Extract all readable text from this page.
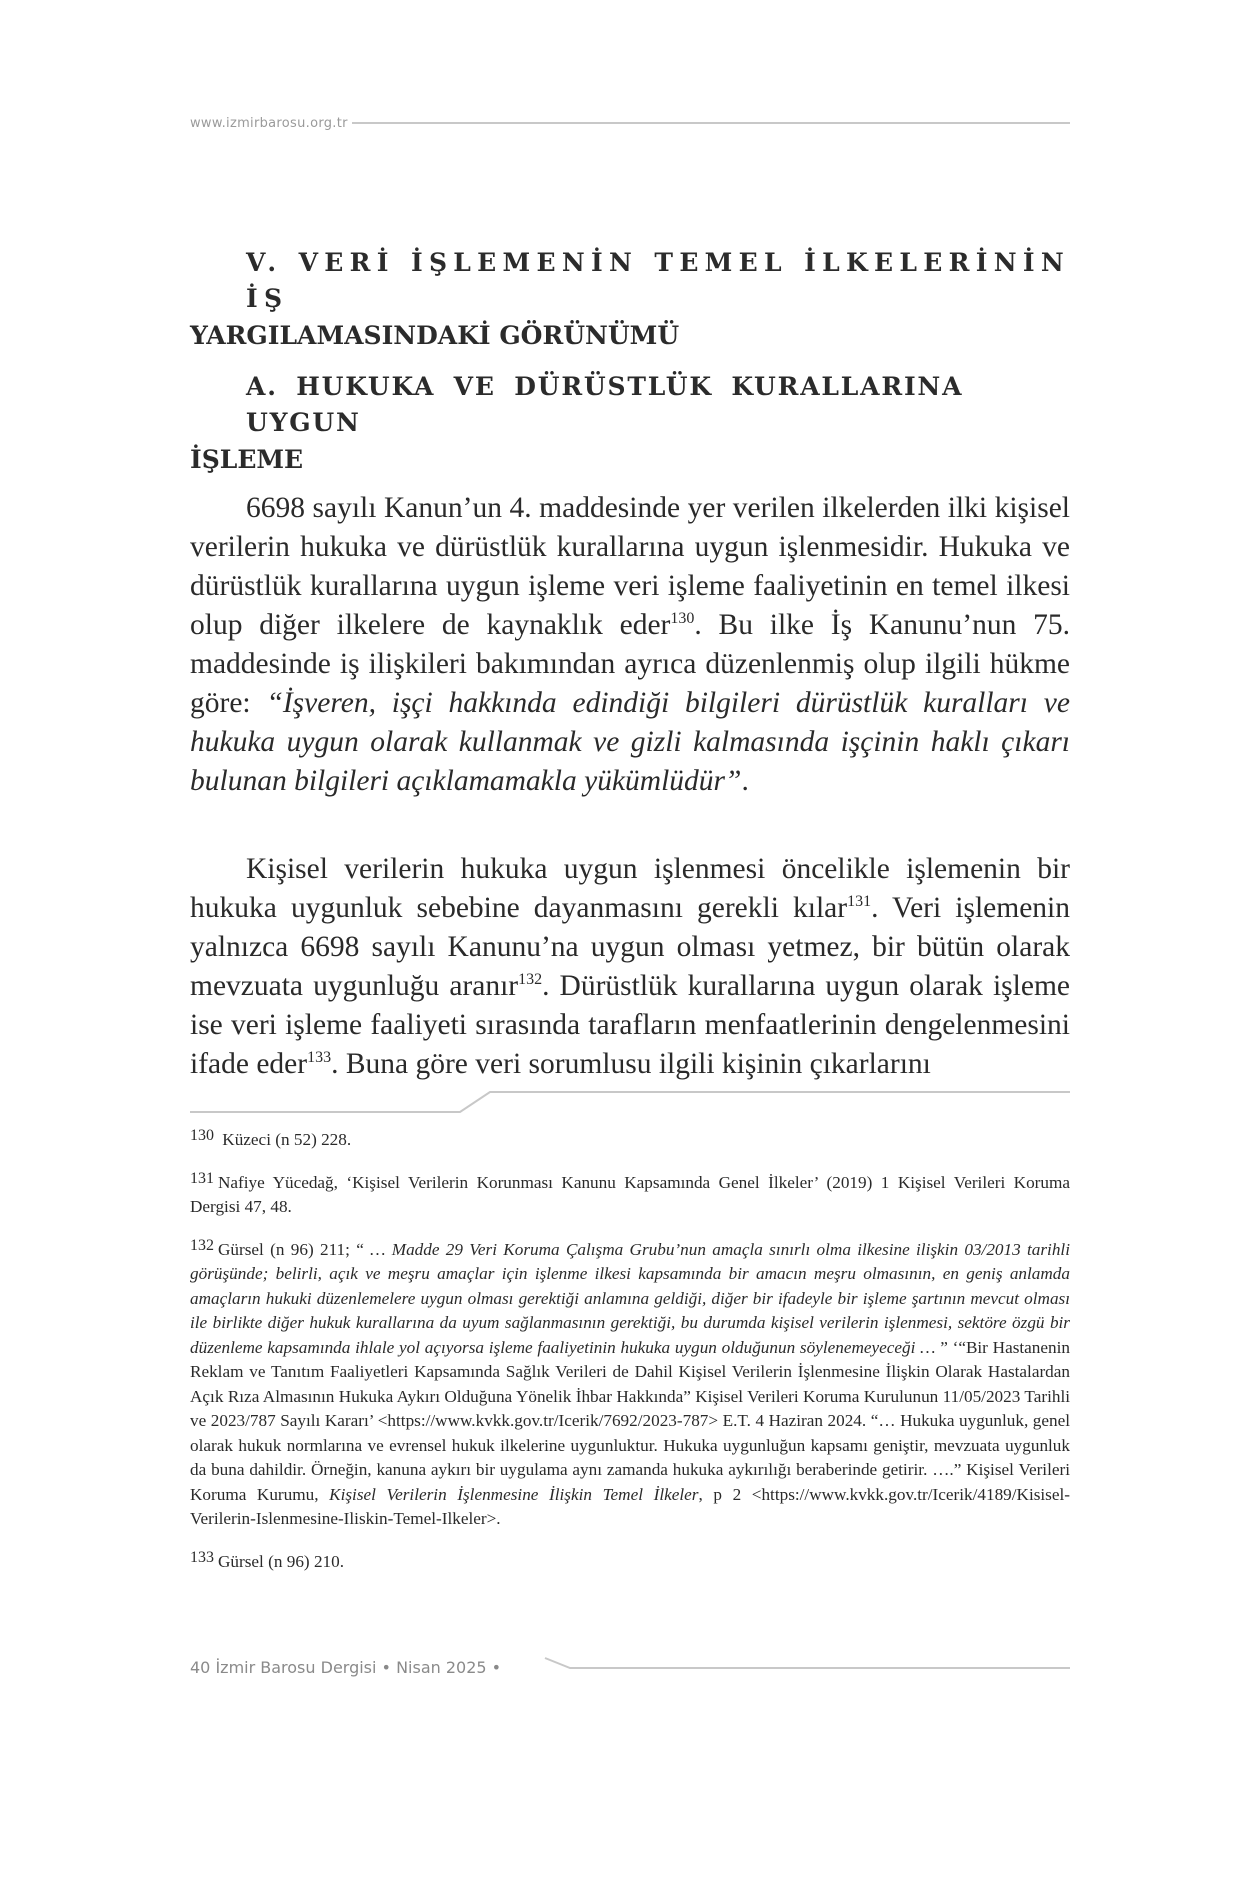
www.izmirbarosu.org.tr
V. VERİ İŞLEMENİN TEMEL İLKELERİNİN İŞ
YARGILAMASINDAKİ GÖRÜNÜMÜ
A. HUKUKA VE DÜRÜSTLÜK KURALLARINA UYGUN
İŞLEME

6698 sayılı Kanun’un 4. maddesinde yer verilen ilkelerden ilki kişisel verilerin hukuka ve dürüstlük kurallarına uygun işlenmesidir. Hukuka ve dürüstlük kurallarına uygun işleme veri işleme faaliyetinin en temel ilkesi olup diğer ilkelere de kaynaklık eder$^{130}$. Bu ilke İş Kanunu’nun 75. maddesinde iş ilişkileri bakımından ayrıca düzenlenmiş olup ilgili hükme göre: “İşveren, işçi hakkında edindiği bilgileri dürüstlük kuralları ve hukuka uygun olarak kullanmak ve gizli kalmasında işçinin haklı çıkarı bulunan bilgileri açıklamamakla yükümlüdür”.

Kişisel verilerin hukuka uygun işlenmesi öncelikle işlemenin bir hukuka uygunluk sebebine dayanmasını gerekli kılar$^{131}$. Veri işlemenin yalnızca 6698 sayılı Kanunu’na uygun olması yetmez, bir bütün olarak mevzuata uygunluğu aranır$^{132}$. Dürüstlük kurallarına uygun olarak işleme ise veri işleme faaliyeti sırasında tarafların menfaatlerinin dengelenmesini ifade eder$^{133}$. Buna göre veri sorumlusu ilgili kişinin çıkarlarını

130 Küzeci (n 52) 228.

131 Nafiye Yücedağ, ‘Kişisel Verilerin Korunması Kanunu Kapsamında Genel İlkeler’ (2019) 1 Kişisel Verileri Koruma Dergisi 47, 48.

132 Gürsel (n 96) 211; “ … Madde 29 Veri Koruma Çalışma Grubu’nun amaçla sınırlı olma ilkesine ilişkin 03/2013 tarihli görüşünde; belirli, açık ve meşru amaçlar için işlenme ilkesi kapsamında bir amacın meşru olmasının, en geniş anlamda amaçların hukuki düzenlemelere uygun olması gerektiği anlamına geldiği, diğer bir ifadeyle bir işleme şartının mevcut olması ile birlikte diğer hukuk kurallarına da uyum sağlanmasının gerektiği, bu durumda kişisel verilerin işlenmesi, sektöre özgü bir düzenleme kapsamında ihlale yol açıyorsa işleme faaliyetinin hukuka uygun olduğunun söylenemeyeceği … ” ‘“Bir Hastanenin Reklam ve Tanıtım Faaliyetleri Kapsamında Sağlık Verileri de Dahil Kişisel Verilerin İşlenmesine İlişkin Olarak Hastalardan Açık Rıza Almasının Hukuka Aykırı Olduğuna Yönelik İhbar Hakkında” Kişisel Verileri Koruma Kurulunun 11/05/2023 Tarihli ve 2023/787 Sayılı Kararı’ <https://www.kvkk.gov.tr/Icerik/7692/2023-787> E.T. 4 Haziran 2024. “… Hukuka uygunluk, genel olarak hukuk normlarına ve evrensel hukuk ilkelerine uygunluktur. Hukuka uygunluğun kapsamı geniştir, mevzuata uygunluk da buna dahildir. Örneğin, kanuna aykırı bir uygulama aynı zamanda hukuka aykırılığı beraberinde getirir. ….” Kişisel Verileri Koruma Kurumu, Kişisel Verilerin İşlenmesine İlişkin Temel İlkeler, p 2 <https://www.kvkk.gov.tr/Icerik/4189/Kisisel-Verilerin-Islenmesine-Iliskin-Temel-Ilkeler>.

133 Gürsel (n 96) 210.

40 İzmir Barosu Dergisi • Nisan 2025 •
